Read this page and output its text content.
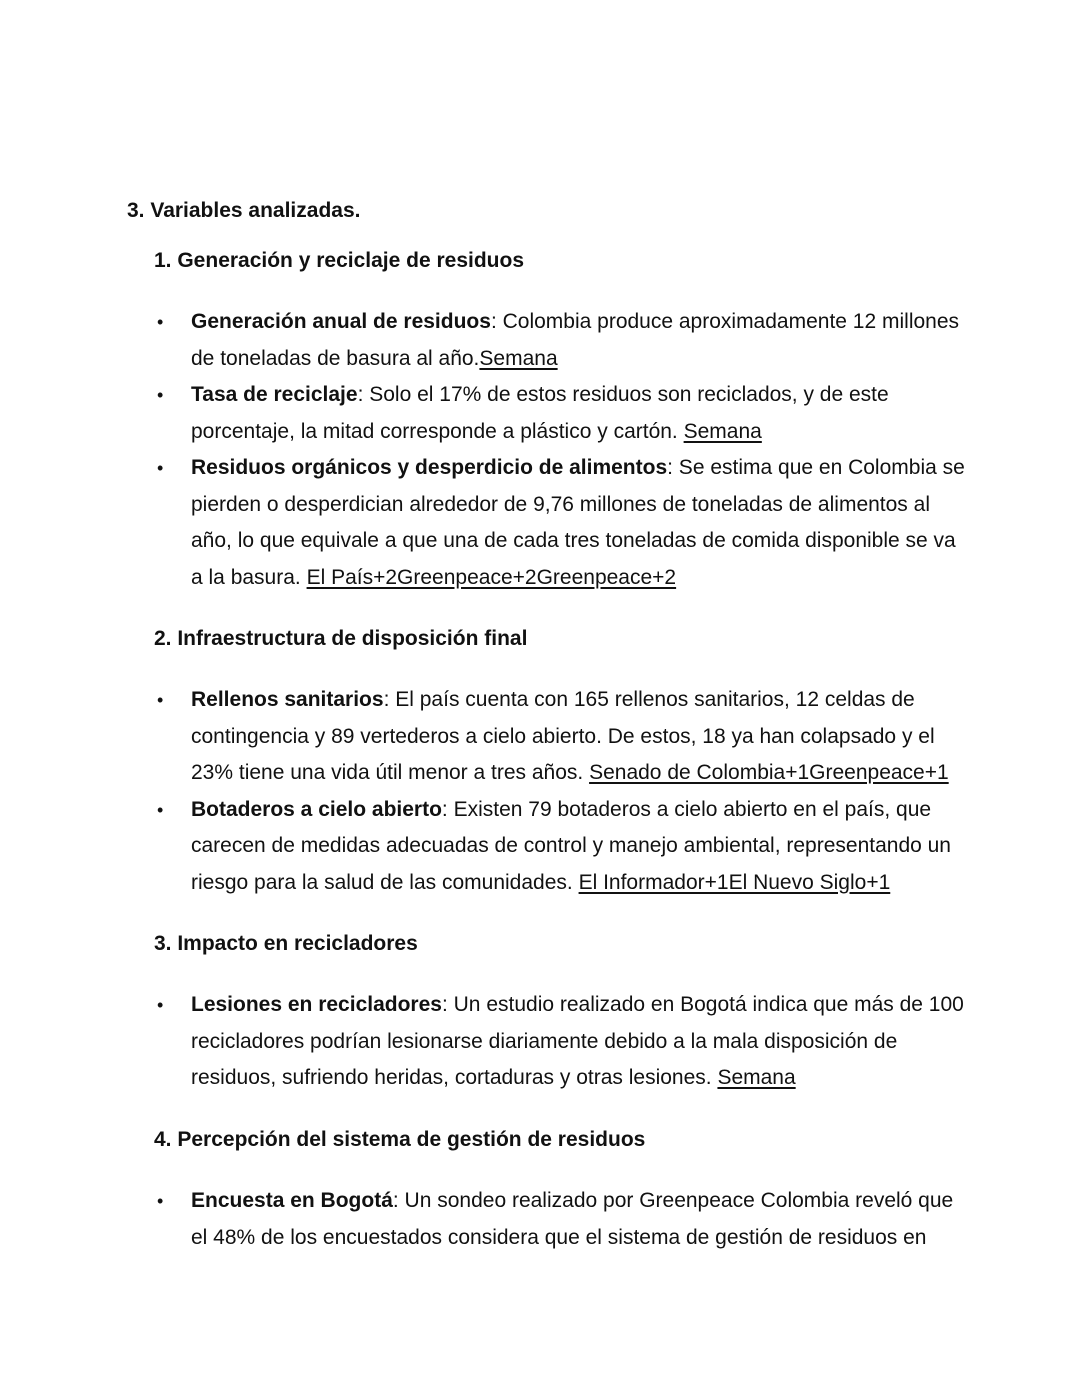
3. Variables analizadas.
1. Generación y reciclaje de residuos
• Generación anual de residuos: Colombia produce aproximadamente 12 millones de toneladas de basura al año.Semana
• Tasa de reciclaje: Solo el 17% de estos residuos son reciclados, y de este porcentaje, la mitad corresponde a plástico y cartón. Semana
• Residuos orgánicos y desperdicio de alimentos: Se estima que en Colombia se pierden o desperdician alrededor de 9,76 millones de toneladas de alimentos al año, lo que equivale a que una de cada tres toneladas de comida disponible se va a la basura. El País+2Greenpeace+2Greenpeace+2
2. Infraestructura de disposición final
• Rellenos sanitarios: El país cuenta con 165 rellenos sanitarios, 12 celdas de contingencia y 89 vertederos a cielo abierto. De estos, 18 ya han colapsado y el 23% tiene una vida útil menor a tres años. Senado de Colombia+1Greenpeace+1
• Botaderos a cielo abierto: Existen 79 botaderos a cielo abierto en el país, que carecen de medidas adecuadas de control y manejo ambiental, representando un riesgo para la salud de las comunidades. El Informador+1El Nuevo Siglo+1
3. Impacto en recicladores
• Lesiones en recicladores: Un estudio realizado en Bogotá indica que más de 100 recicladores podrían lesionarse diariamente debido a la mala disposición de residuos, sufriendo heridas, cortaduras y otras lesiones. Semana
4. Percepción del sistema de gestión de residuos
• Encuesta en Bogotá: Un sondeo realizado por Greenpeace Colombia reveló que el 48% de los encuestados considera que el sistema de gestión de residuos en
